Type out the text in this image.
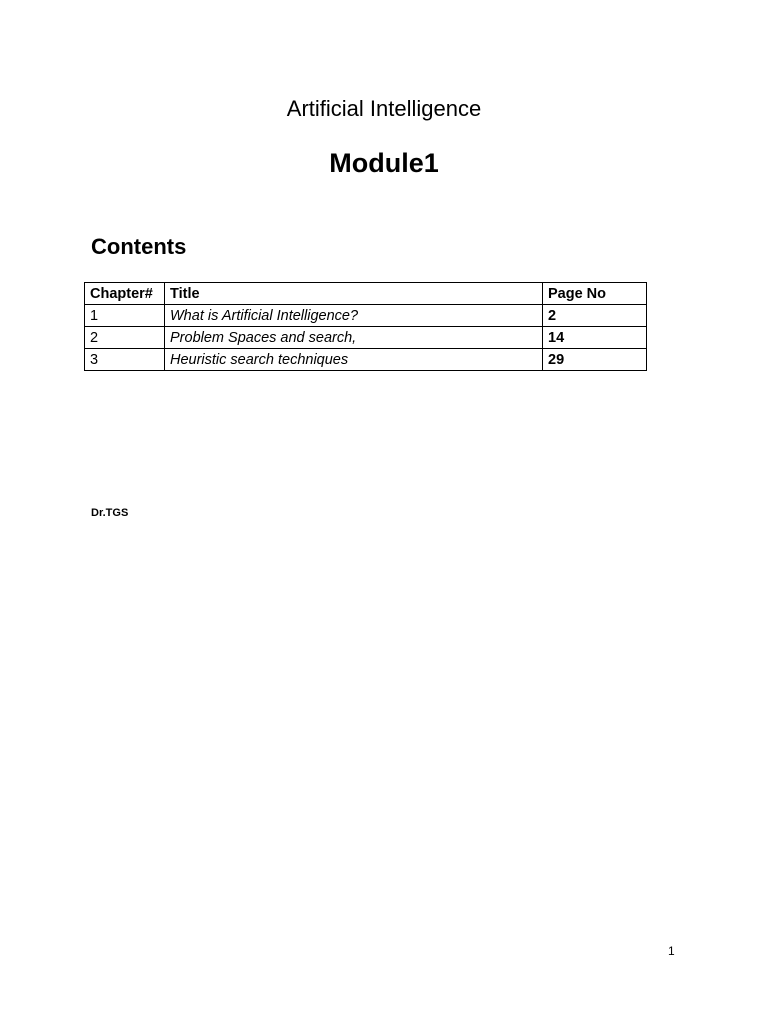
Artificial Intelligence
Module1
Contents
Chapter#	Title	Page No
1	What is Artificial Intelligence?	2
2	Problem Spaces and search,	14
3	Heuristic search techniques	29
Dr.TGS
1
